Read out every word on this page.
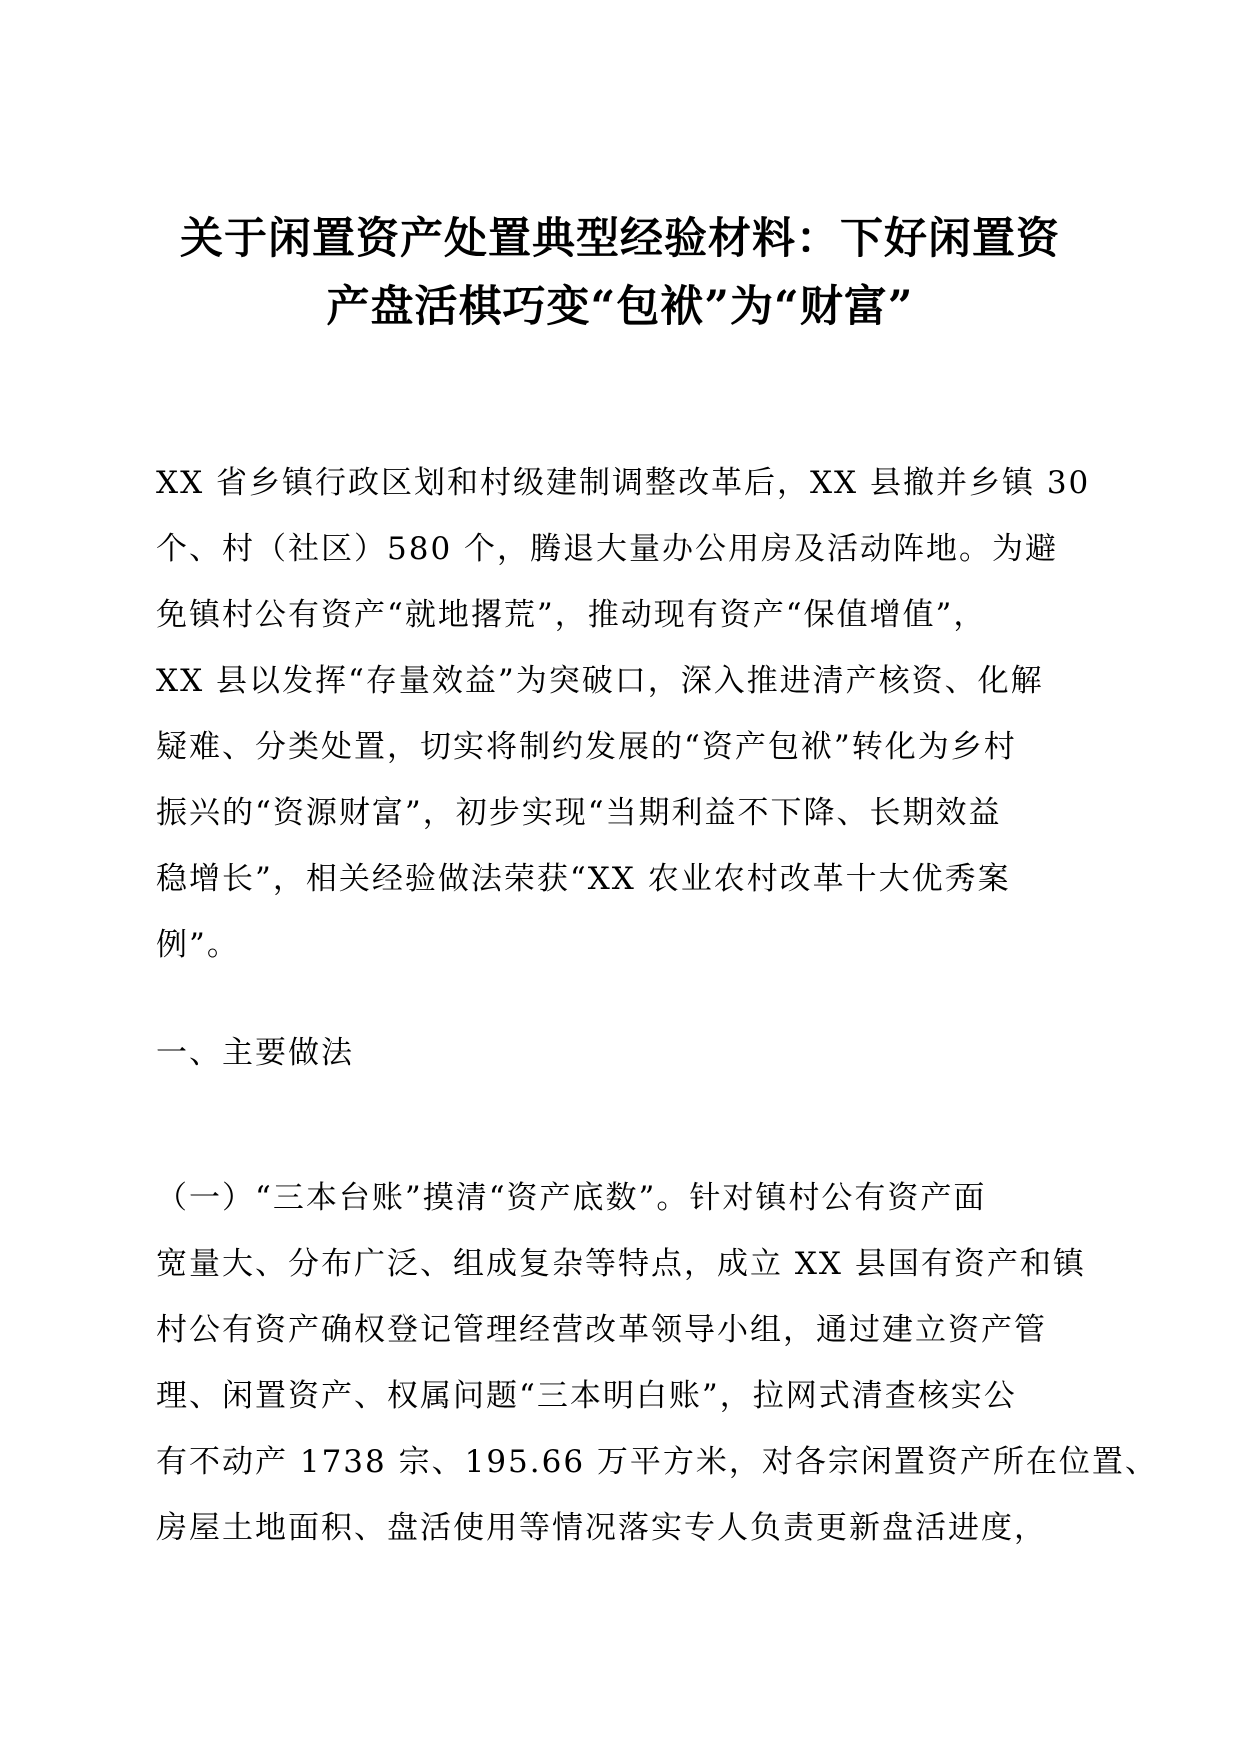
关于闲置资产处置典型经验材料：下好闲置资
产盘活棋巧变“包袱”为“财富”

XX 省乡镇行政区划和村级建制调整改革后，XX 县撤并乡镇 30
个、村（社区）580 个，腾退大量办公用房及活动阵地。为避
免镇村公有资产“就地撂荒”，推动现有资产“保值增值”，
XX 县以发挥“存量效益”为突破口，深入推进清产核资、化解
疑难、分类处置，切实将制约发展的“资产包袱”转化为乡村
振兴的“资源财富”，初步实现“当期利益不下降、长期效益
稳增长”，相关经验做法荣获“XX 农业农村改革十大优秀案
例”。

一、主要做法

（一）“三本台账”摸清“资产底数”。针对镇村公有资产面
宽量大、分布广泛、组成复杂等特点，成立 XX 县国有资产和镇
村公有资产确权登记管理经营改革领导小组，通过建立资产管
理、闲置资产、权属问题“三本明白账”，拉网式清查核实公
有不动产 1738 宗、195.66 万平方米，对各宗闲置资产所在位置、
房屋土地面积、盘活使用等情况落实专人负责更新盘活进度，
